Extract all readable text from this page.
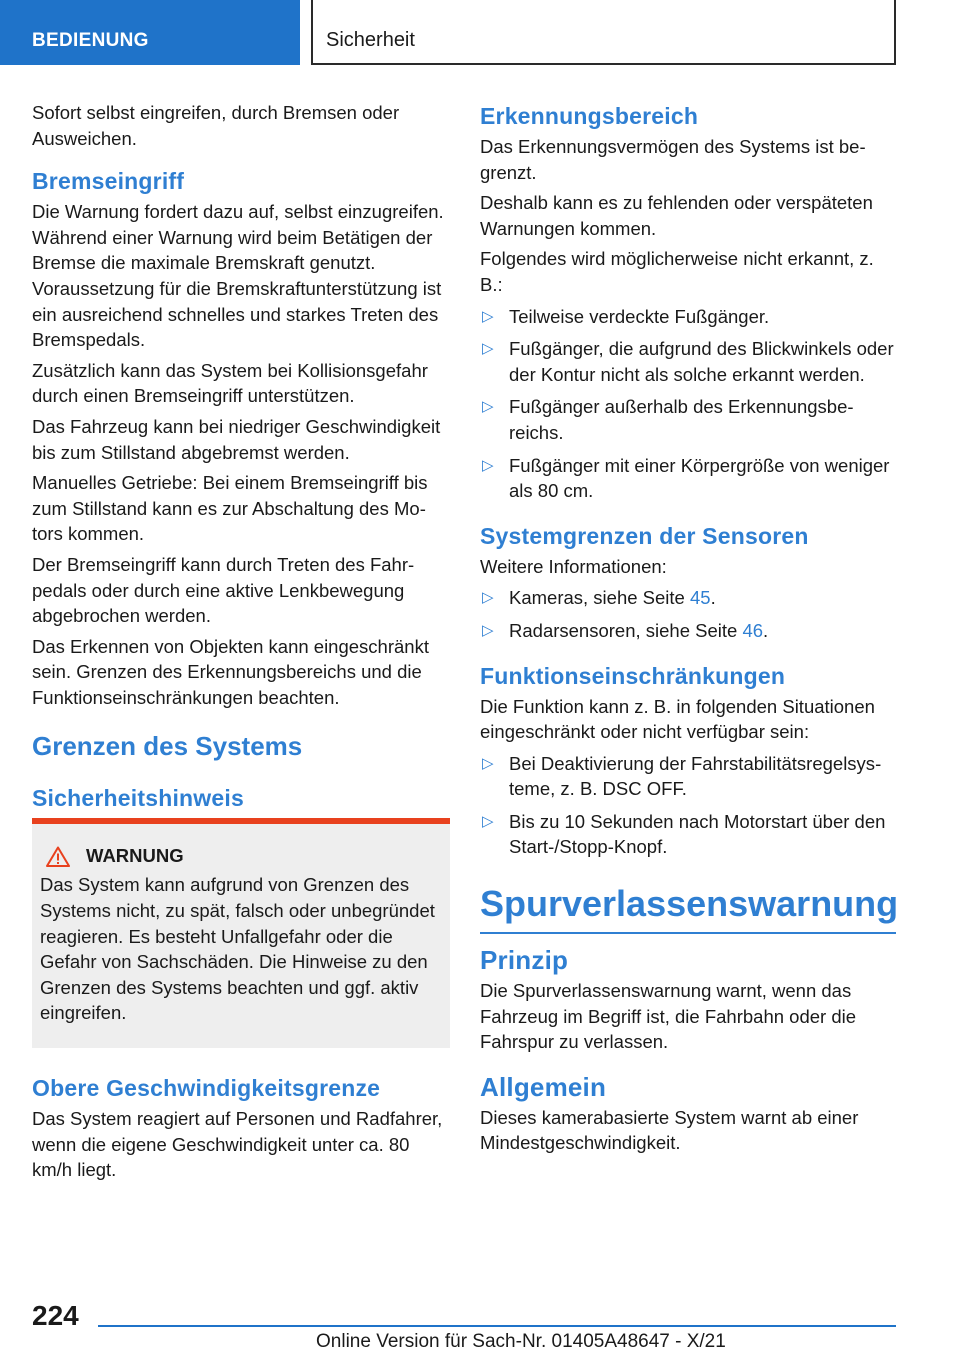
BEDIENUNG	Sicherheit

Sofort selbst eingreifen, durch Bremsen oder Ausweichen.

Bremseingriff

Die Warnung fordert dazu auf, selbst einzugreifen. Während einer Warnung wird beim Betätigen der Bremse die maximale Bremskraft genutzt. Voraussetzung für die Bremskraftunterstützung ist ein ausreichend schnelles und starkes Treten des Bremspedals.

Zusätzlich kann das System bei Kollisionsgefahr durch einen Bremseingriff unterstützen.

Das Fahrzeug kann bei niedriger Geschwindigkeit bis zum Stillstand abgebremst werden.

Manuelles Getriebe: Bei einem Bremseingriff bis zum Stillstand kann es zur Abschaltung des Motors kommen.

Der Bremseingriff kann durch Treten des Fahrpedals oder durch eine aktive Lenkbewegung abgebrochen werden.

Das Erkennen von Objekten kann eingeschränkt sein. Grenzen des Erkennungsbereichs und die Funktionseinschränkungen beachten.

Grenzen des Systems
Sicherheitshinweis
WARNUNG

Das System kann aufgrund von Grenzen des Systems nicht, zu spät, falsch oder unbegründet reagieren. Es besteht Unfallgefahr oder die Gefahr von Sachschäden. Die Hinweise zu den Grenzen des Systems beachten und ggf. aktiv eingreifen.

Obere Geschwindigkeitsgrenze

Das System reagiert auf Personen und Radfahrer, wenn die eigene Geschwindigkeit unter ca. 80 km/h liegt.

Erkennungsbereich

Das Erkennungsvermögen des Systems ist begrenzt.

Deshalb kann es zu fehlenden oder verspäteten Warnungen kommen.

Folgendes wird möglicherweise nicht erkannt, z. B.:

▷ Teilweise verdeckte Fußgänger.
▷ Fußgänger, die aufgrund des Blickwinkels oder der Kontur nicht als solche erkannt werden.
▷ Fußgänger außerhalb des Erkennungsbereichs.
▷ Fußgänger mit einer Körpergröße von weniger als 80 cm.
Systemgrenzen der Sensoren

Weitere Informationen:

▷ Kameras, siehe Seite 45.
▷ Radarsensoren, siehe Seite 46.
Funktionseinschränkungen

Die Funktion kann z. B. in folgenden Situationen eingeschränkt oder nicht verfügbar sein:

▷ Bei Deaktivierung der Fahrstabilitätsregelsysteme, z. B. DSC OFF.
▷ Bis zu 10 Sekunden nach Motorstart über den Start-/Stopp-Knopf.
Spurverlassenswarnung
Prinzip

Die Spurverlassenswarnung warnt, wenn das Fahrzeug im Begriff ist, die Fahrbahn oder die Fahrspur zu verlassen.

Allgemein

Dieses kamerabasierte System warnt ab einer Mindestgeschwindigkeit.

224
Online Version für Sach-Nr. 01405A48647 - X/21
